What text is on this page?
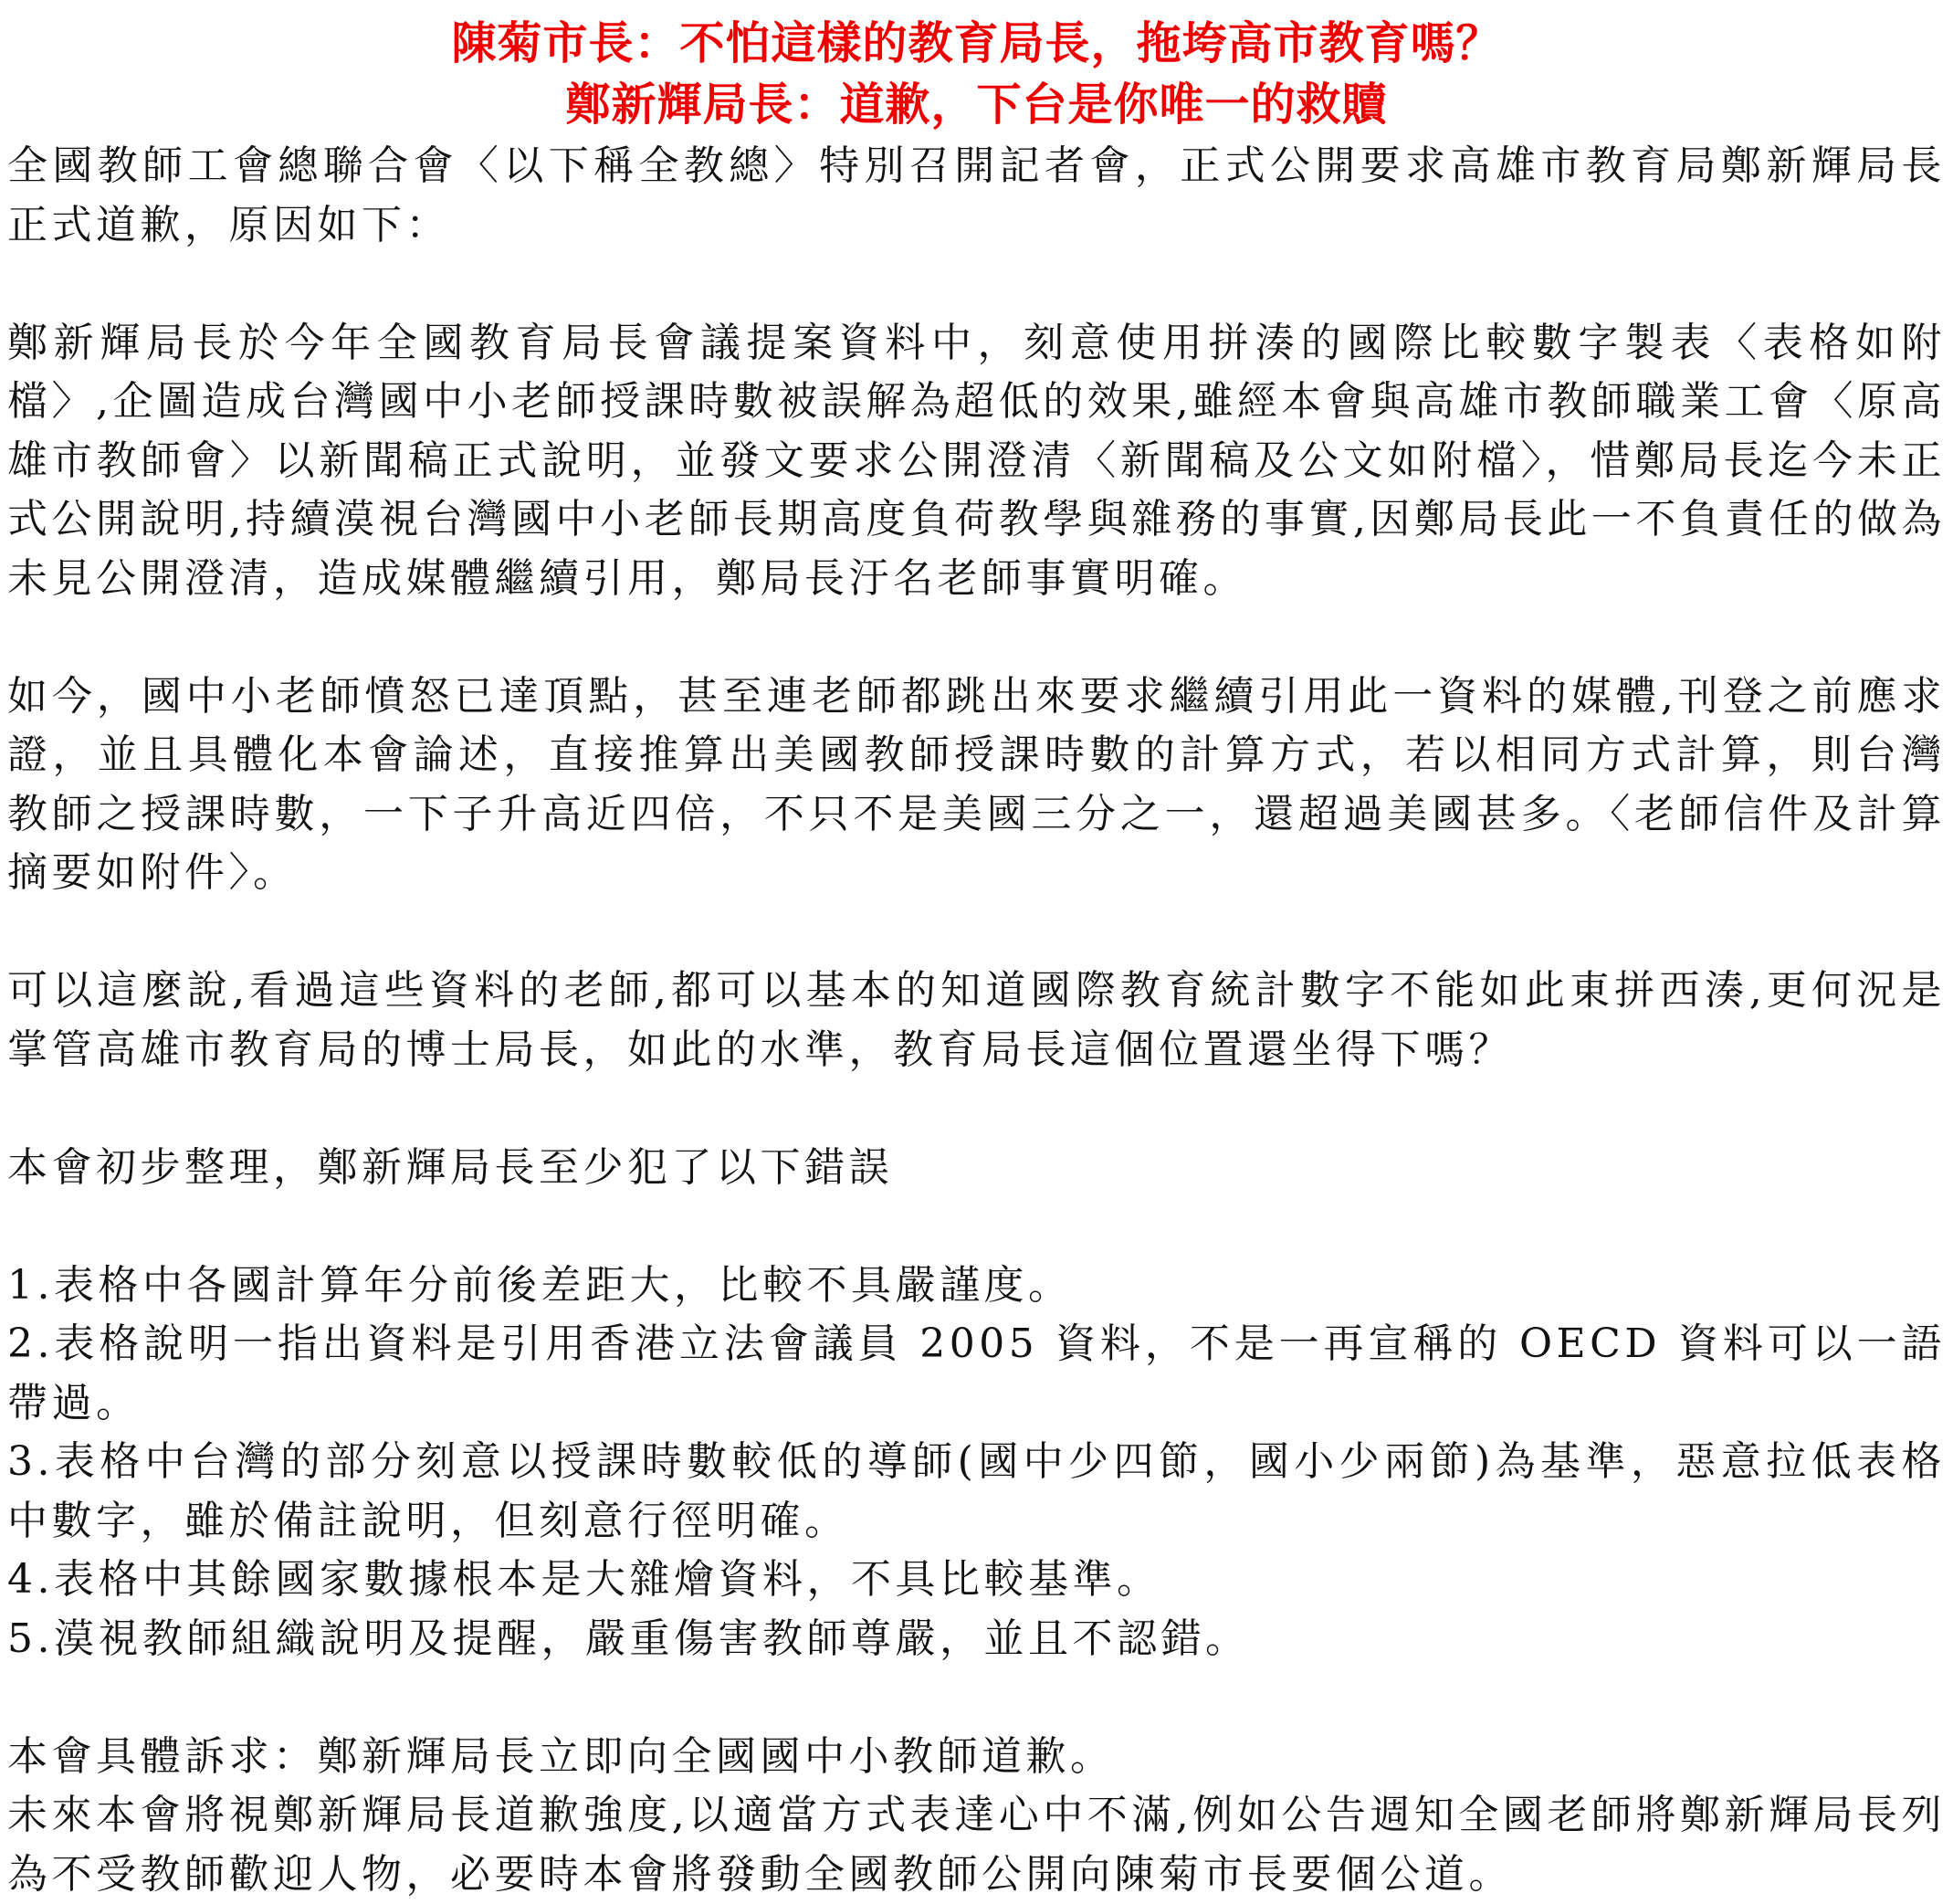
陳菊市長：不怕這樣的教育局長，拖垮高市教育嗎？
鄭新輝局長：道歉，下台是你唯一的救贖

全國教師工會總聯合會〈以下稱全教總〉特別召開記者會，正式公開要求高雄市教育局鄭新輝局長正式道歉，原因如下：

鄭新輝局長於今年全國教育局長會議提案資料中，刻意使用拼湊的國際比較數字製表〈表格如附檔〉,企圖造成台灣國中小老師授課時數被誤解為超低的效果,雖經本會與高雄市教師職業工會〈原高雄市教師會〉以新聞稿正式說明，並發文要求公開澄清〈新聞稿及公文如附檔〉，惜鄭局長迄今未正式公開說明,持續漠視台灣國中小老師長期高度負荷教學與雜務的事實,因鄭局長此一不負責任的做為未見公開澄清，造成媒體繼續引用，鄭局長汙名老師事實明確。

如今，國中小老師憤怒已達頂點，甚至連老師都跳出來要求繼續引用此一資料的媒體,刊登之前應求證，並且具體化本會論述，直接推算出美國教師授課時數的計算方式，若以相同方式計算，則台灣教師之授課時數，一下子升高近四倍，不只不是美國三分之一，還超過美國甚多。〈老師信件及計算摘要如附件〉。

可以這麼說,看過這些資料的老師,都可以基本的知道國際教育統計數字不能如此東拼西湊,更何況是掌管高雄市教育局的博士局長，如此的水準，教育局長這個位置還坐得下嗎？

本會初步整理，鄭新輝局長至少犯了以下錯誤

1.表格中各國計算年分前後差距大，比較不具嚴謹度。

2.表格說明一指出資料是引用香港立法會議員 2005 資料，不是一再宣稱的 OECD 資料可以一語帶過。

3.表格中台灣的部分刻意以授課時數較低的導師(國中少四節，國小少兩節)為基準，惡意拉低表格中數字，雖於備註說明，但刻意行徑明確。

4.表格中其餘國家數據根本是大雜燴資料，不具比較基準。

5.漠視教師組織說明及提醒，嚴重傷害教師尊嚴，並且不認錯。

本會具體訴求：鄭新輝局長立即向全國國中小教師道歉。

未來本會將視鄭新輝局長道歉強度,以適當方式表達心中不滿,例如公告週知全國老師將鄭新輝局長列為不受教師歡迎人物，必要時本會將發動全國教師公開向陳菊市長要個公道。
